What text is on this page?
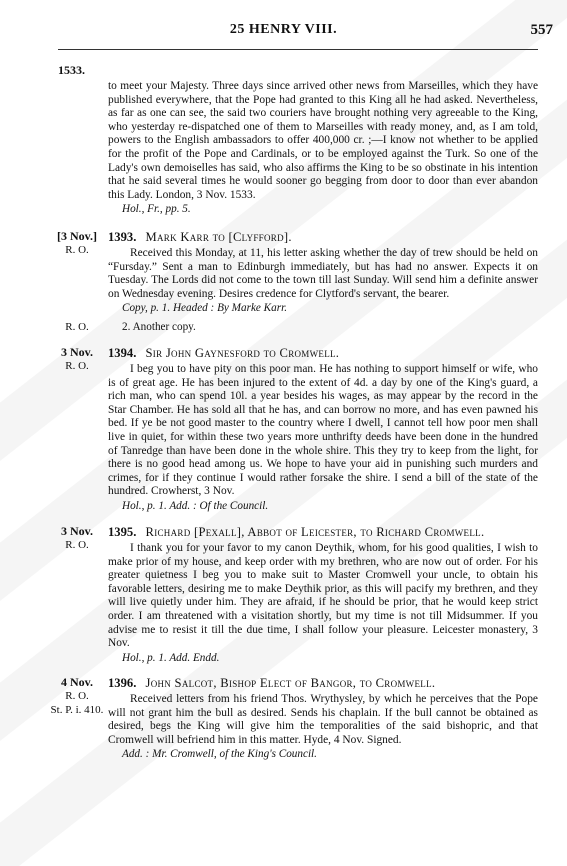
25 HENRY VIII.	557
1533.

to meet your Majesty. Three days since arrived other news from Marseilles, which they have published everywhere, that the Pope had granted to this King all he had asked. Nevertheless, as far as one can see, the said two couriers have brought nothing very agreeable to the King, who yesterday re-dispatched one of them to Marseilles with ready money, and, as I am told, powers to the English ambassadors to offer 400,000 cr. ;—I know not whether to be applied for the profit of the Pope and Cardinals, or to be employed against the Turk. So one of the Lady's own demoiselles has said, who also affirms the King to be so obstinate in his intention that he said several times he would sooner go begging from door to door than ever abandon this Lady. London, 3 Nov. 1533.

Hol., Fr., pp. 5.
[3 Nov.]
R. O.
1393. Mark Karr to [Clyfford].

Received this Monday, at 11, his letter asking whether the day of trew should be held on “Fursday.” Sent a man to Edinburgh immediately, but has had no answer. Expects it on Tuesday. The Lords did not come to the town till last Sunday. Will send him a definite answer on Wednesday evening. Desires credence for Clytford's servant, the bearer.

Copy, p. 1. Headed : By Marke Karr.
R. O.	2. Another copy.
3 Nov.
R. O.
1394. Sir John Gaynesford to Cromwell.

I beg you to have pity on this poor man. He has nothing to support himself or wife, who is of great age. He has been injured to the extent of 4d. a day by one of the King's guard, a rich man, who can spend 10l. a year besides his wages, as may appear by the record in the Star Chamber. He has sold all that he has, and can borrow no more, and has even pawned his bed. If ye be not good master to the country where I dwell, I cannot tell how poor men shall live in quiet, for within these two years more unthrifty deeds have been done in the hundred of Tanredge than have been done in the whole shire. This they try to keep from the light, for there is no good head among us. We hope to have your aid in punishing such murders and crimes, for if they continue I would rather forsake the shire. I send a bill of the state of the hundred. Crowherst, 3 Nov.

Hol., p. 1. Add. : Of the Council.
3 Nov.
R. O.
1395. Richard [Pexall], Abbot of Leicester, to Richard Cromwell.

I thank you for your favor to my canon Deythik, whom, for his good qualities, I wish to make prior of my house, and keep order with my brethren, who are now out of order. For his greater quietness I beg you to make suit to Master Cromwell your uncle, to obtain his favorable letters, desiring me to make Deythik prior, as this will pacify my brethren, and they will live quietly under him. They are afraid, if he should be prior, that he would keep strict order. I am threatened with a visitation shortly, but my time is not till Midsummer. If you advise me to resist it till the due time, I shall follow your pleasure. Leicester monastery, 3 Nov.

Hol., p. 1. Add. Endd.
4 Nov.
R. O.
St. P. i. 410.
1396. John Salcot, Bishop Elect of Bangor, to Cromwell.

Received letters from his friend Thos. Wrythysley, by which he perceives that the Pope will not grant him the bull as desired. Sends his chaplain. If the bull cannot be obtained as desired, begs the King will give him the temporalities of the said bishopric, and that Cromwell will befriend him in this matter. Hyde, 4 Nov. Signed.

Add. : Mr. Cromwell, of the King's Council.
